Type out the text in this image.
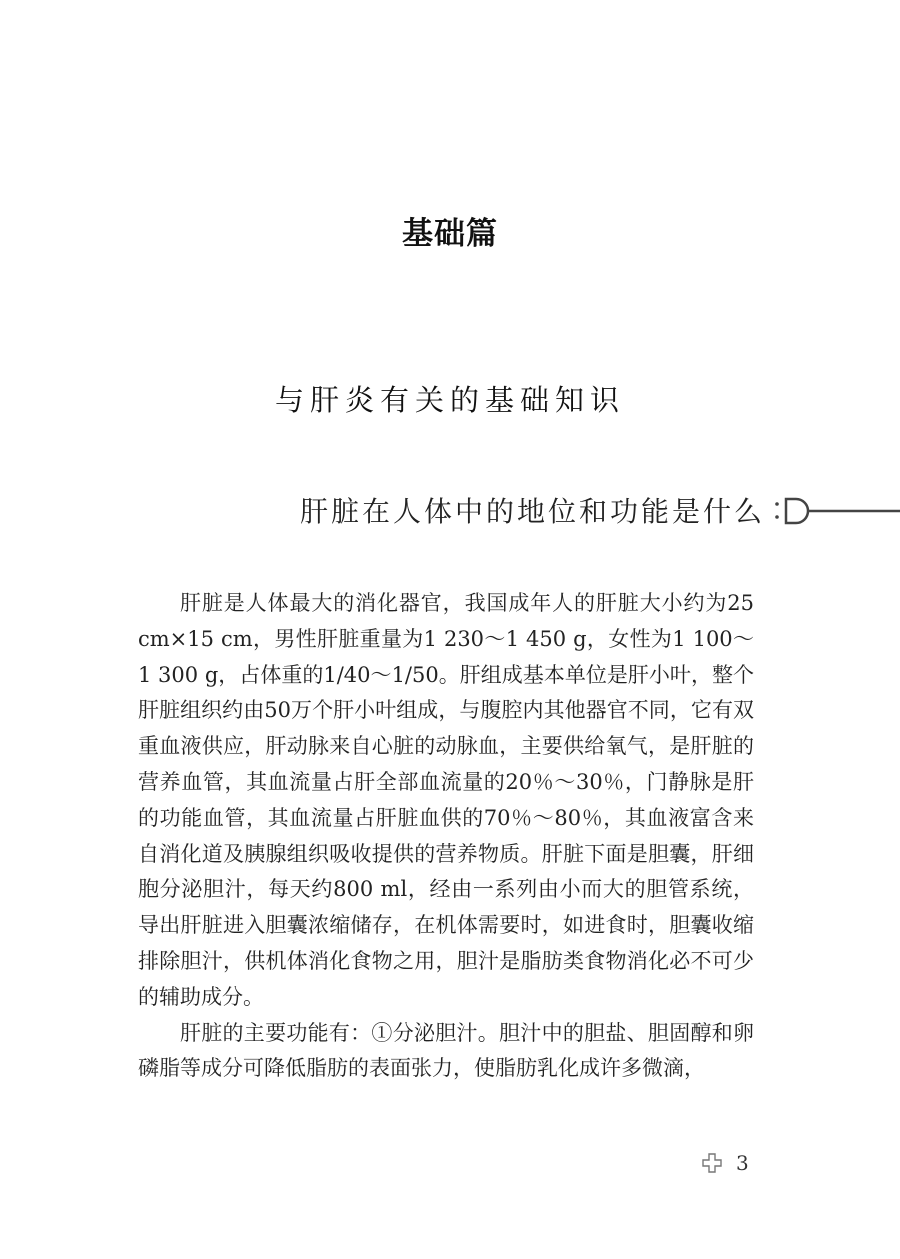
基础篇
与肝炎有关的基础知识
肝脏在人体中的地位和功能是什么

肝脏是人体最大的消化器官，我国成年人的肝脏大小约为25 cm×15 cm，男性肝脏重量为1 230～1 450 g，女性为1 100～1 300 g，占体重的1/40～1/50。肝组成基本单位是肝小叶，整个肝脏组织约由50万个肝小叶组成，与腹腔内其他器官不同，它有双重血液供应，肝动脉来自心脏的动脉血，主要供给氧气，是肝脏的营养血管，其血流量占肝全部血流量的20％～30％，门静脉是肝的功能血管，其血流量占肝脏血供的70％～80％，其血液富含来自消化道及胰腺组织吸收提供的营养物质。肝脏下面是胆囊，肝细胞分泌胆汁，每天约800 ml，经由一系列由小而大的胆管系统，导出肝脏进入胆囊浓缩储存，在机体需要时，如进食时，胆囊收缩排除胆汁，供机体消化食物之用，胆汁是脂肪类食物消化必不可少的辅助成分。

肝脏的主要功能有：①分泌胆汁。胆汁中的胆盐、胆固醇和卵磷脂等成分可降低脂肪的表面张力，使脂肪乳化成许多微滴，

3
